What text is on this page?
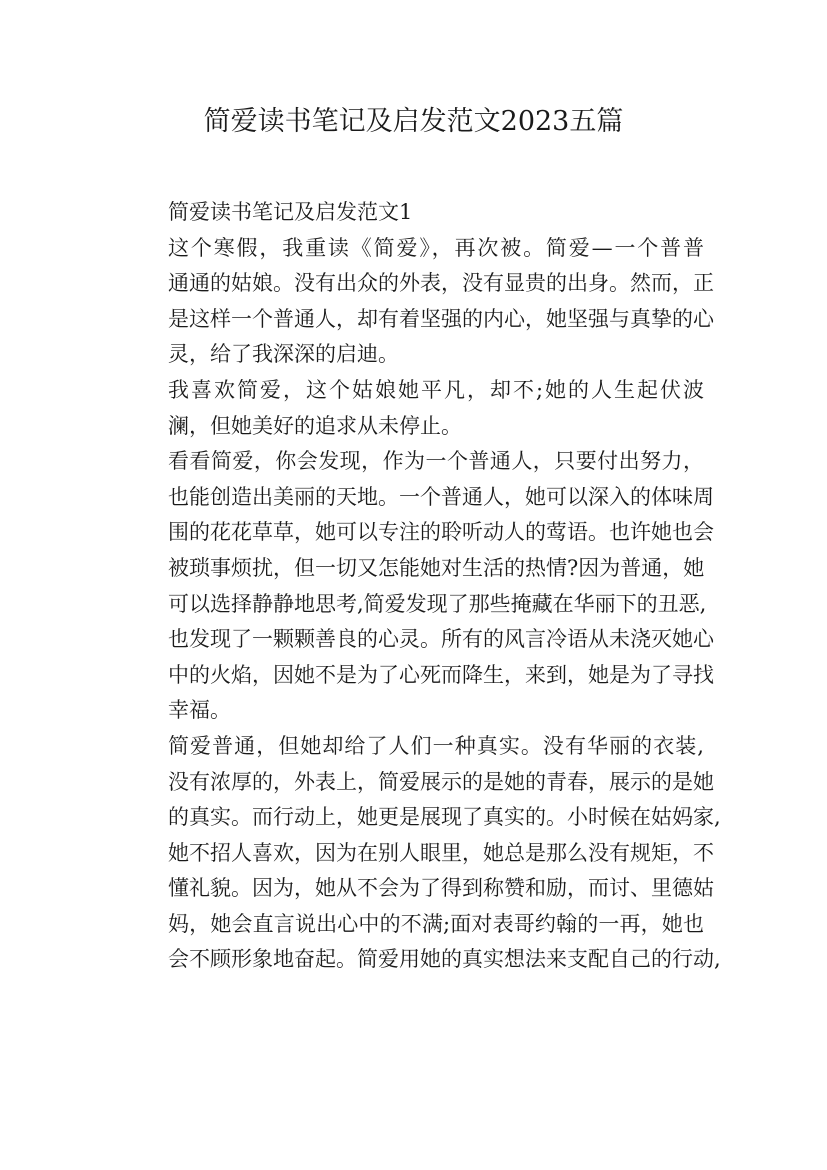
简爱读书笔记及启发范文2023五篇

简爱读书笔记及启发范文1

这个寒假，我重读《简爱》，再次被。简爱—一个普普
通通的姑娘。没有出众的外表，没有显贵的出身。然而，正
是这样一个普通人，却有着坚强的内心，她坚强与真挚的心
灵，给了我深深的启迪。

我喜欢简爱，这个姑娘她平凡，却不;她的人生起伏波
澜，但她美好的追求从未停止。

看看简爱，你会发现，作为一个普通人，只要付出努力，
也能创造出美丽的天地。一个普通人，她可以深入的体味周
围的花花草草，她可以专注的聆听动人的莺语。也许她也会
被琐事烦扰，但一切又怎能她对生活的热情?因为普通，她
可以选择静静地思考,简爱发现了那些掩藏在华丽下的丑恶,
也发现了一颗颗善良的心灵。所有的风言冷语从未浇灭她心
中的火焰，因她不是为了心死而降生，来到，她是为了寻找
幸福。

简爱普通，但她却给了人们一种真实。没有华丽的衣装,
没有浓厚的，外表上，简爱展示的是她的青春，展示的是她
的真实。而行动上，她更是展现了真实的。小时候在姑妈家,
她不招人喜欢，因为在别人眼里，她总是那么没有规矩，不
懂礼貌。因为，她从不会为了得到称赞和励，而讨、里德姑
妈，她会直言说出心中的不满;面对表哥约翰的一再，她也
会不顾形象地奋起。简爱用她的真实想法来支配自己的行动,
